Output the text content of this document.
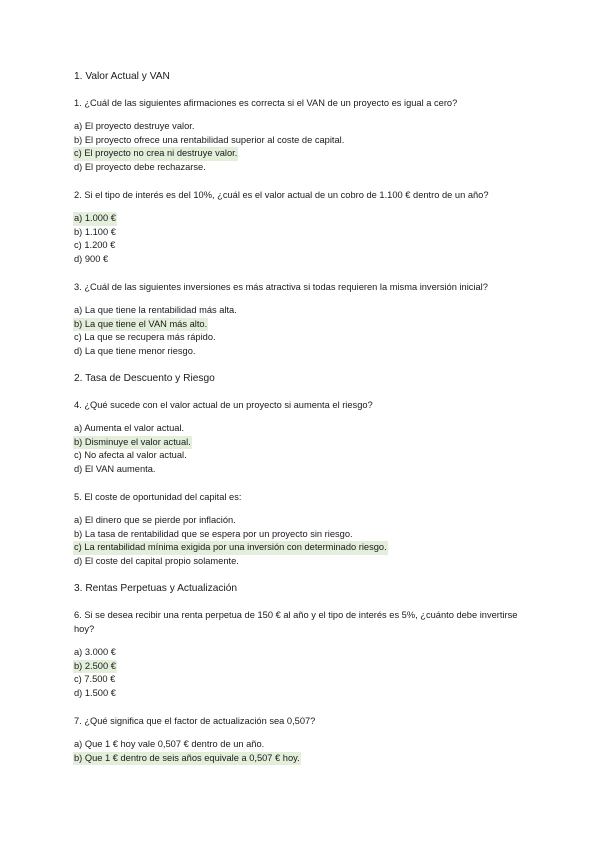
1. Valor Actual y VAN
1. ¿Cuál de las siguientes afirmaciones es correcta si el VAN de un proyecto es igual a cero?
a) El proyecto destruye valor.
b) El proyecto ofrece una rentabilidad superior al coste de capital.
c) El proyecto no crea ni destruye valor.
d) El proyecto debe rechazarse.
2. Si el tipo de interés es del 10%, ¿cuál es el valor actual de un cobro de 1.100 € dentro de un año?
a) 1.000 €
b) 1.100 €
c) 1.200 €
d) 900 €
3. ¿Cuál de las siguientes inversiones es más atractiva si todas requieren la misma inversión inicial?
a) La que tiene la rentabilidad más alta.
b) La que tiene el VAN más alto.
c) La que se recupera más rápido.
d) La que tiene menor riesgo.
2. Tasa de Descuento y Riesgo
4. ¿Qué sucede con el valor actual de un proyecto si aumenta el riesgo?
a) Aumenta el valor actual.
b) Disminuye el valor actual.
c) No afecta al valor actual.
d) El VAN aumenta.
5. El coste de oportunidad del capital es:
a) El dinero que se pierde por inflación.
b) La tasa de rentabilidad que se espera por un proyecto sin riesgo.
c) La rentabilidad mínima exigida por una inversión con determinado riesgo.
d) El coste del capital propio solamente.
3. Rentas Perpetuas y Actualización
6. Si se desea recibir una renta perpetua de 150 € al año y el tipo de interés es 5%, ¿cuánto debe invertirse hoy?
a) 3.000 €
b) 2.500 €
c) 7.500 €
d) 1.500 €
7. ¿Qué significa que el factor de actualización sea 0,507?
a) Que 1 € hoy vale 0,507 € dentro de un año.
b) Que 1 € dentro de seis años equivale a 0,507 € hoy.
